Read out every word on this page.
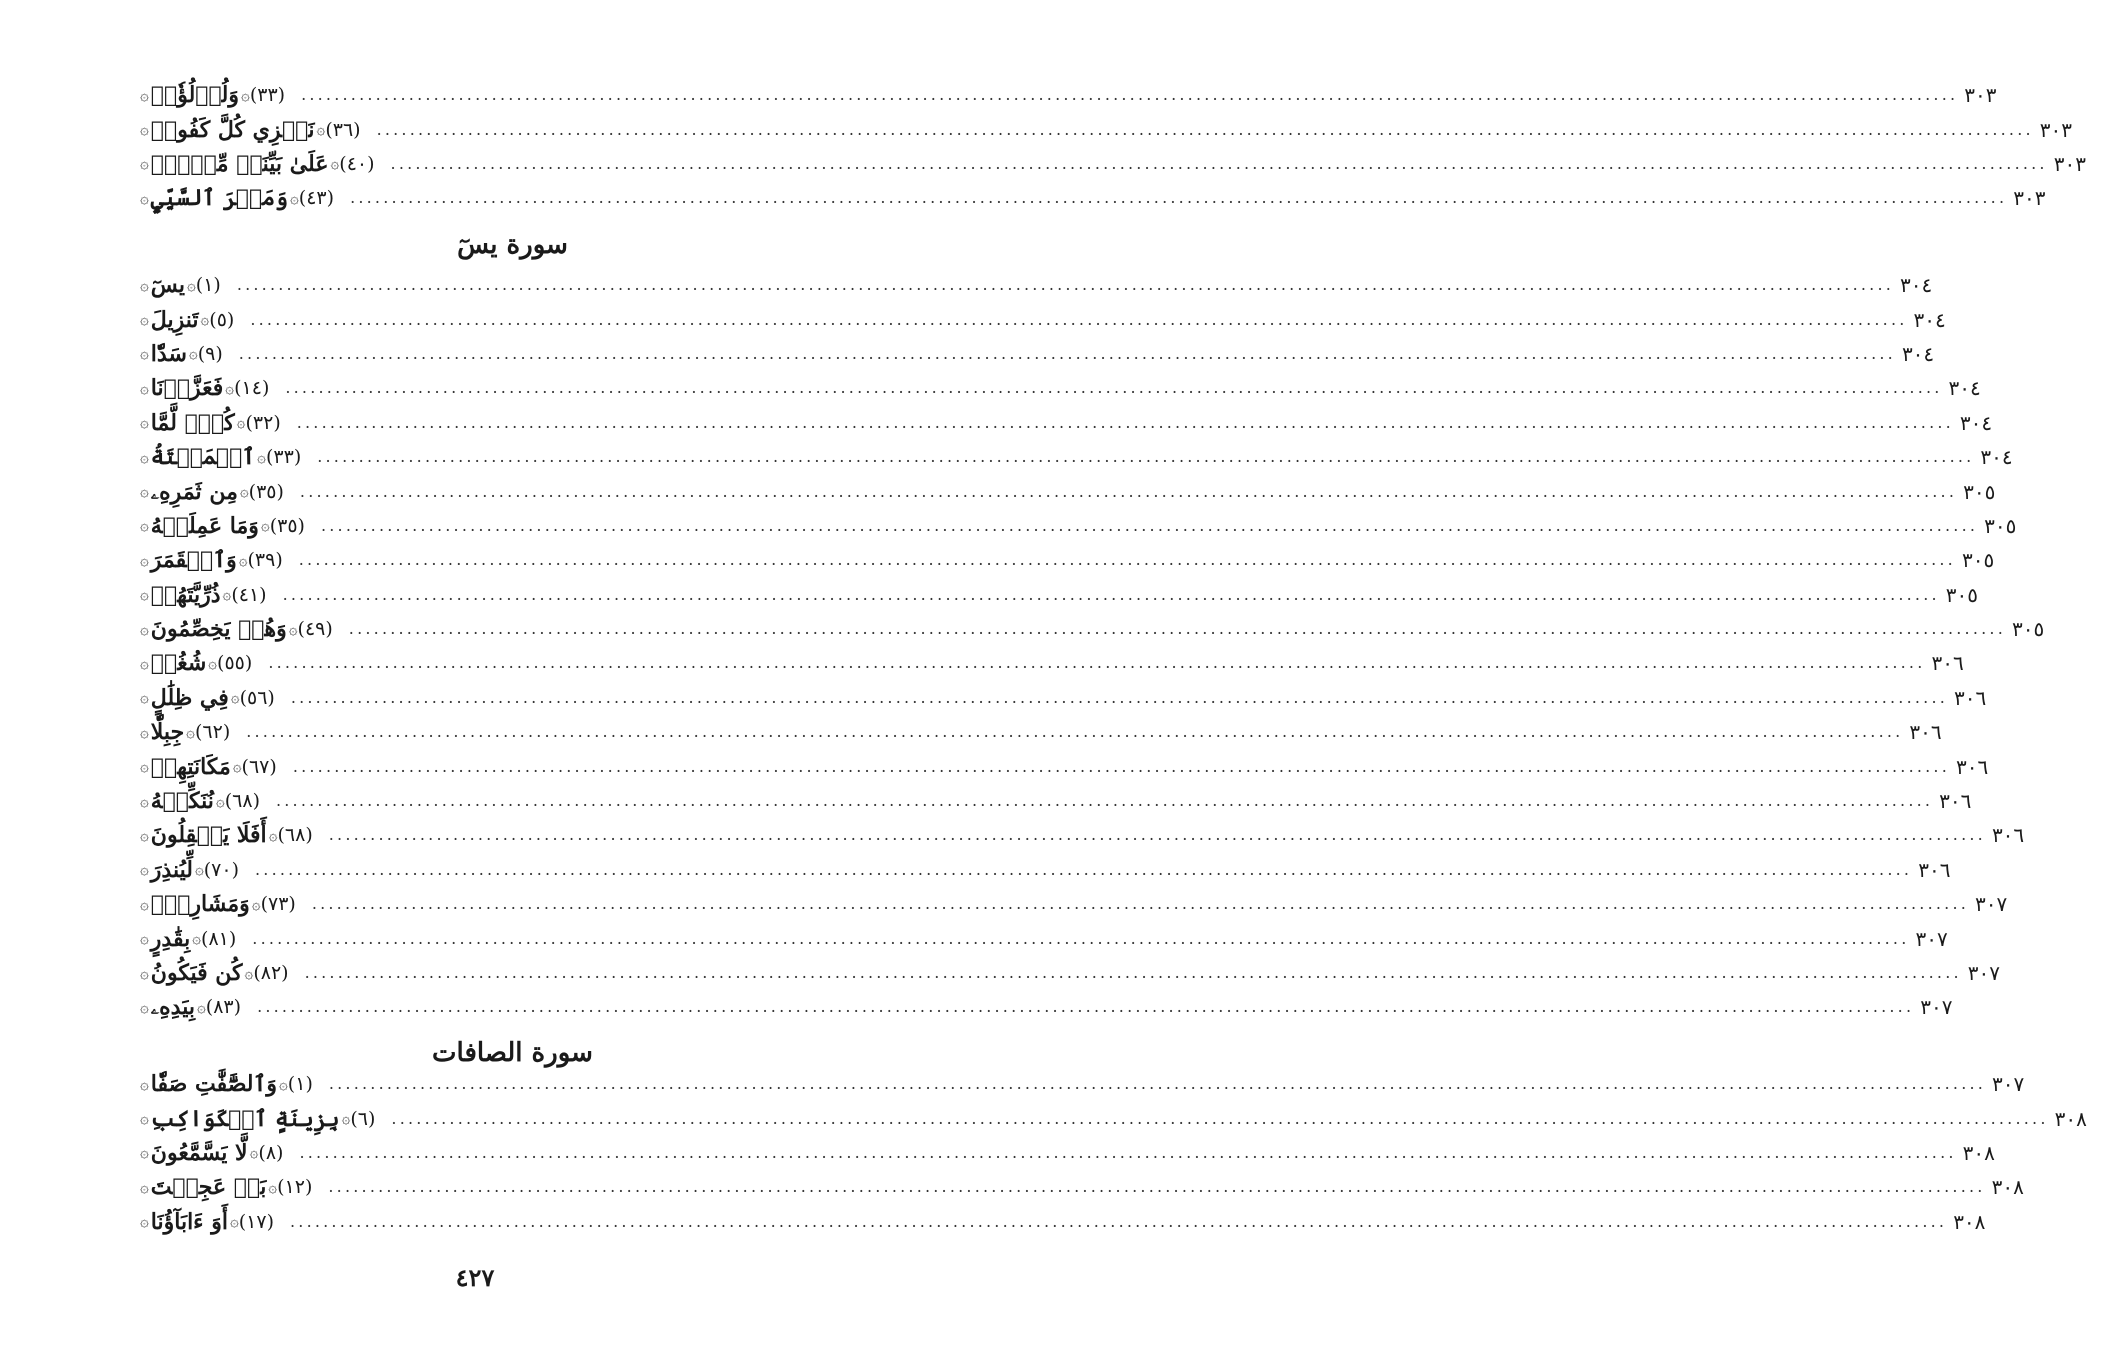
۞ وَلُؤۡلُؤٗاۖ ۞ (٣٣) ........................................................................................................................................................................................................ ٣٠٣
۞ نَجۡزِي كُلَّ كَفُورٖ ۞ (٣٦) ........................................................................................................................................................................................................ ٣٠٣
۞ عَلَىٰ بَيِّنَتٖ مِّنۡهُۚ ۞ (٤٠) ........................................................................................................................................................................................................ ٣٠٣
۞ وَمَكۡرَ ٱلسَّيِّيِٕ ۞ (٤٣) ........................................................................................................................................................................................................ ٣٠٣
سورة يسٓ
۞ يسٓ ۞ (١) ........................................................................................................................................................................................................ ٣٠٤
۞ تَنزِيلَ ۞ (٥) ........................................................................................................................................................................................................ ٣٠٤
۞ سَدّٗا ۞ (٩) ........................................................................................................................................................................................................ ٣٠٤
۞ فَعَزَّزۡنَا ۞ (١٤) ........................................................................................................................................................................................................ ٣٠٤
۞ كُلّٞ لَّمَّا ۞ (٣٢) ........................................................................................................................................................................................................ ٣٠٤
۞ ٱلۡمَيۡتَةُ ۞ (٣٣) ........................................................................................................................................................................................................ ٣٠٤
۞ مِن ثَمَرِهِۦ ۞ (٣٥) ........................................................................................................................................................................................................ ٣٠٥
۞ وَمَا عَمِلَتۡهُ ۞ (٣٥) ........................................................................................................................................................................................................ ٣٠٥
۞ وَٱلۡقَمَرَ ۞ (٣٩) ........................................................................................................................................................................................................ ٣٠٥
۞ ذُرِّيَّتَهُمۡ ۞ (٤١) ........................................................................................................................................................................................................ ٣٠٥
۞ وَهُمۡ يَخِصِّمُونَ ۞ (٤٩) ........................................................................................................................................................................................................ ٣٠٥
۞ شُغُلٖ ۞ (٥٥) ........................................................................................................................................................................................................ ٣٠٦
۞ فِي ظِلَٰلٍ ۞ (٥٦) ........................................................................................................................................................................................................ ٣٠٦
۞ جِبِلّٗا ۞ (٦٢) ........................................................................................................................................................................................................ ٣٠٦
۞ مَكَانَتِهِمۡ ۞ (٦٧) ........................................................................................................................................................................................................ ٣٠٦
۞ نُنَكِّسۡهُ ۞ (٦٨) ........................................................................................................................................................................................................ ٣٠٦
۞ أَفَلَا يَعۡقِلُونَ ۞ (٦٨) ........................................................................................................................................................................................................ ٣٠٦
۞ لِّيُنذِرَ ۞ (٧٠) ........................................................................................................................................................................................................ ٣٠٦
۞ وَمَشَارِبُۚ ۞ (٧٣) ........................................................................................................................................................................................................ ٣٠٧
۞ بِقَٰدِرٍ ۞ (٨١) ........................................................................................................................................................................................................ ٣٠٧
۞ كُن فَيَكُونُ ۞ (٨٢) ........................................................................................................................................................................................................ ٣٠٧
۞ بِيَدِهِۦ ۞ (٨٣) ........................................................................................................................................................................................................ ٣٠٧
سورة الصافات
۞ وَٱلصَّٰٓفَّٰتِ صَفّٗا ۞ (١) ........................................................................................................................................................................................................ ٣٠٧
۞ بِزِينَةٍ ٱلۡكَوَاكِبِ ۞ (٦) ........................................................................................................................................................................................................ ٣٠٨
۞ لَّا يَسَّمَّعُونَ ۞ (٨) ........................................................................................................................................................................................................ ٣٠٨
۞ بَلۡ عَجِبۡتَ ۞ (١٢) ........................................................................................................................................................................................................ ٣٠٨
۞ أَوَ ءَابَآؤُنَا ۞ (١٧) ........................................................................................................................................................................................................ ٣٠٨
٤٢٧
